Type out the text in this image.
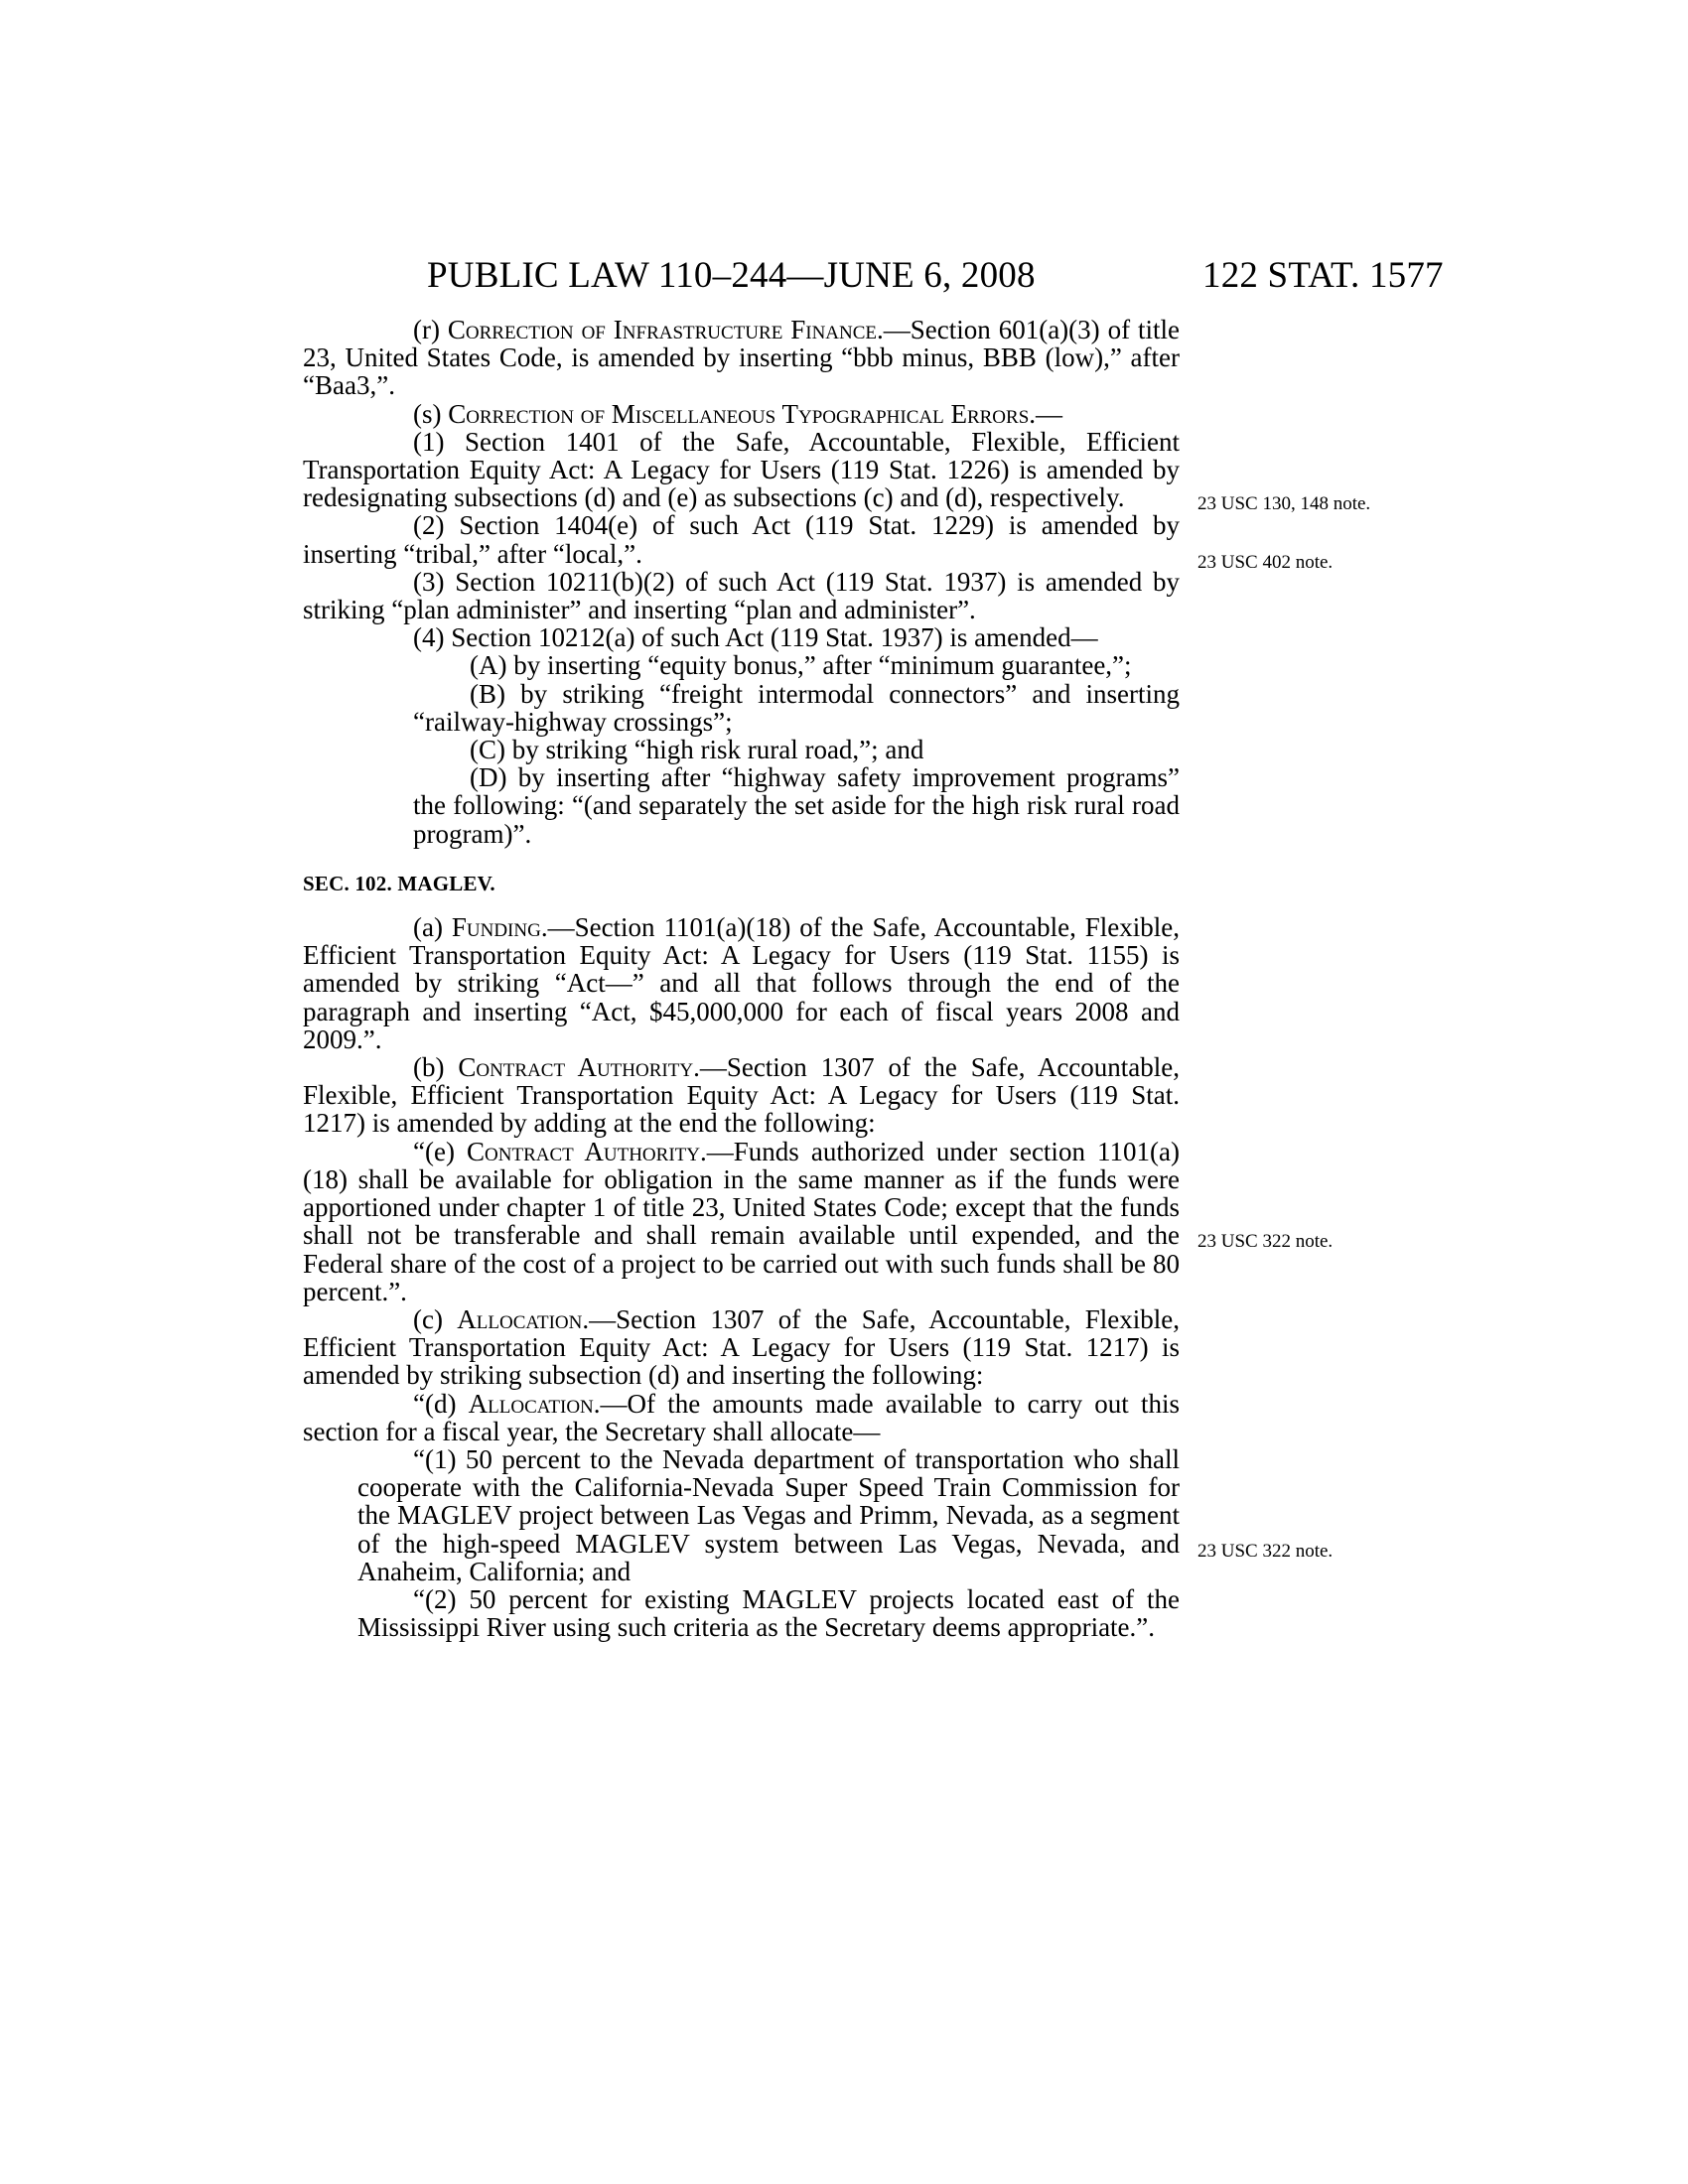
PUBLIC LAW 110–244—JUNE 6, 2008	122 STAT. 1577

(r) Correction of Infrastructure Finance.—Section 601(a)(3) of title 23, United States Code, is amended by inserting “bbb minus, BBB (low),” after “Baa3,”.

(s) Correction of Miscellaneous Typographical Errors.—

(1) Section 1401 of the Safe, Accountable, Flexible, Efficient Transportation Equity Act: A Legacy for Users (119 Stat. 1226) is amended by redesignating subsections (d) and (e) as subsections (c) and (d), respectively.

(2) Section 1404(e) of such Act (119 Stat. 1229) is amended by inserting “tribal,” after “local,”.

(3) Section 10211(b)(2) of such Act (119 Stat. 1937) is amended by striking “plan administer” and inserting “plan and administer”.

(4) Section 10212(a) of such Act (119 Stat. 1937) is amended—

(A) by inserting “equity bonus,” after “minimum guarantee,”;

(B) by striking “freight intermodal connectors” and inserting “railway-highway crossings”;

(C) by striking “high risk rural road,”; and

(D) by inserting after “highway safety improvement programs” the following: “(and separately the set aside for the high risk rural road program)”.

SEC. 102. MAGLEV.

(a) Funding.—Section 1101(a)(18) of the Safe, Accountable, Flexible, Efficient Transportation Equity Act: A Legacy for Users (119 Stat. 1155) is amended by striking “Act—” and all that follows through the end of the paragraph and inserting “Act, $45,000,000 for each of fiscal years 2008 and 2009.”.

(b) Contract Authority.—Section 1307 of the Safe, Accountable, Flexible, Efficient Transportation Equity Act: A Legacy for Users (119 Stat. 1217) is amended by adding at the end the following:

“(e) Contract Authority.—Funds authorized under section 1101(a)(18) shall be available for obligation in the same manner as if the funds were apportioned under chapter 1 of title 23, United States Code; except that the funds shall not be transferable and shall remain available until expended, and the Federal share of the cost of a project to be carried out with such funds shall be 80 percent.”.

(c) Allocation.—Section 1307 of the Safe, Accountable, Flexible, Efficient Transportation Equity Act: A Legacy for Users (119 Stat. 1217) is amended by striking subsection (d) and inserting the following:

“(d) Allocation.—Of the amounts made available to carry out this section for a fiscal year, the Secretary shall allocate—

“(1) 50 percent to the Nevada department of transportation who shall cooperate with the California-Nevada Super Speed Train Commission for the MAGLEV project between Las Vegas and Primm, Nevada, as a segment of the high-speed MAGLEV system between Las Vegas, Nevada, and Anaheim, California; and

“(2) 50 percent for existing MAGLEV projects located east of the Mississippi River using such criteria as the Secretary deems appropriate.”.

23 USC 130, 148 note.
23 USC 402 note.
23 USC 322 note.
23 USC 322 note.
